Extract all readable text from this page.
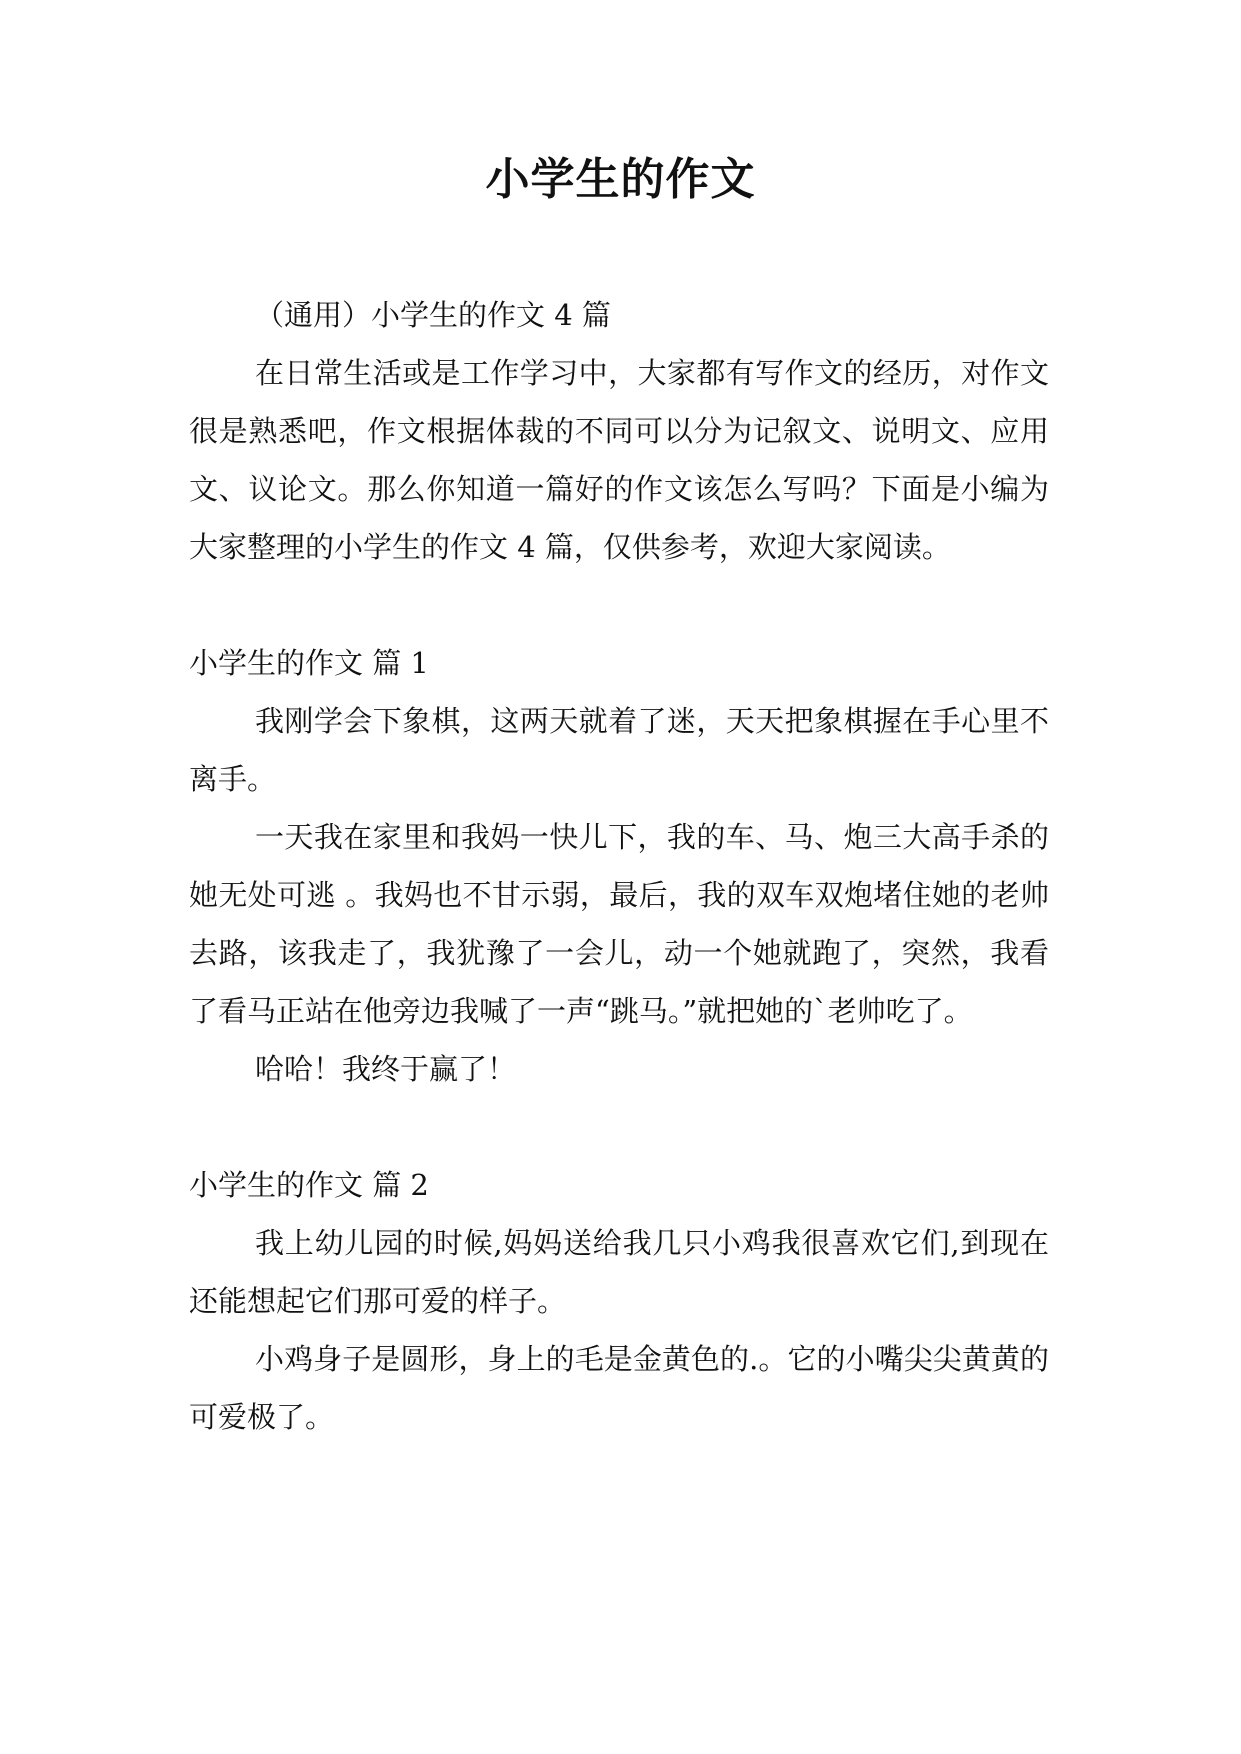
小学生的作文

（通用）小学生的作文 4 篇

在日常生活或是工作学习中，大家都有写作文的经历，对作文很是熟悉吧，作文根据体裁的不同可以分为记叙文、说明文、应用文、议论文。那么你知道一篇好的作文该怎么写吗？下面是小编为大家整理的小学生的作文 4 篇，仅供参考，欢迎大家阅读。

小学生的作文 篇 1

我刚学会下象棋，这两天就着了迷，天天把象棋握在手心里不离手。

一天我在家里和我妈一快儿下，我的车、马、炮三大高手杀的她无处可逃 。我妈也不甘示弱，最后，我的双车双炮堵住她的老帅去路，该我走了，我犹豫了一会儿，动一个她就跑了，突然，我看了看马正站在他旁边我喊了一声“跳马。”就把她的`老帅吃了。

哈哈！我终于赢了！

小学生的作文 篇 2

我上幼儿园的时候,妈妈送给我几只小鸡我很喜欢它们,到现在还能想起它们那可爱的样子。

小鸡身子是圆形，身上的毛是金黄色的.。它的小嘴尖尖黄黄的可爱极了。
